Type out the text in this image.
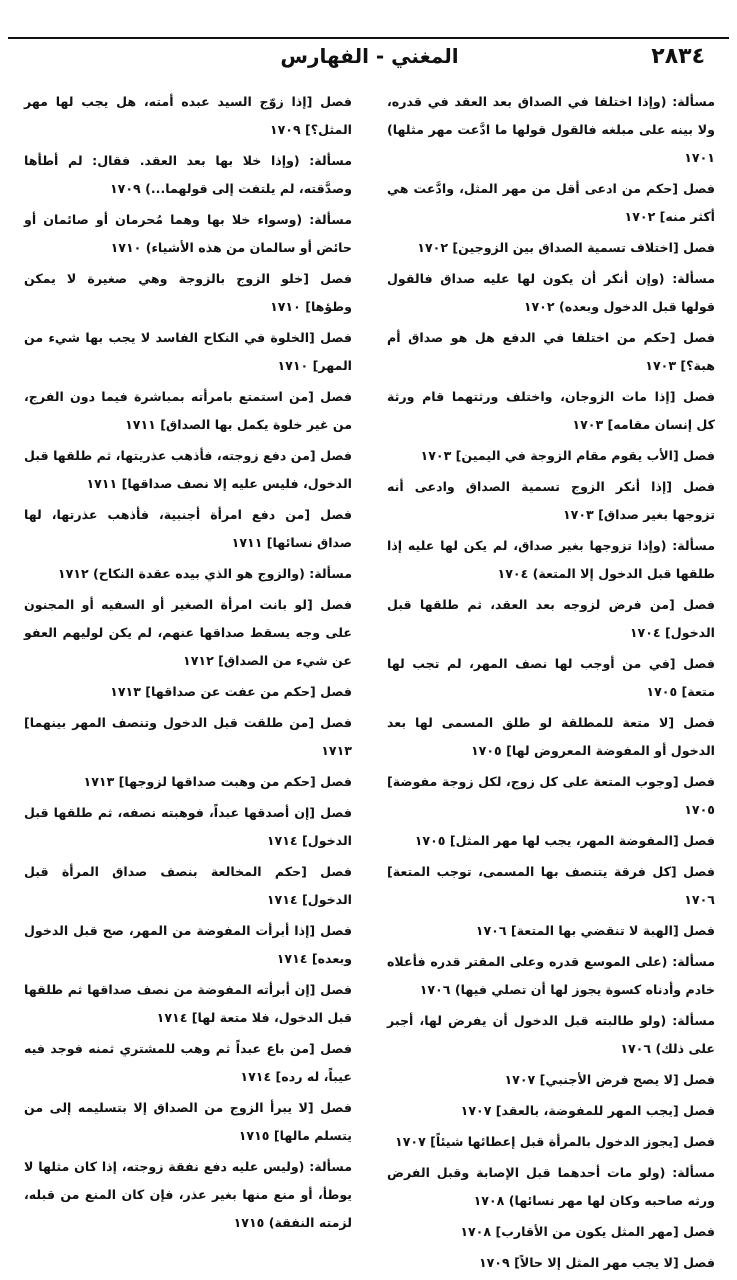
٢٨٣٤
المغني - الفهارس

مسألة: (وإذا اختلفا في الصداق بعد العقد في قدره، ولا بينه على مبلغه فالقول قولها ما ادَّعت مهر مثلها) ١٧٠١

فصل [حكم من ادعى أقل من مهر المثل، وادَّعت هي أكثر منه] ١٧٠٢

فصل [اختلاف تسمية الصداق بين الزوجين] ١٧٠٢

مسألة: (وإن أنكر أن يكون لها عليه صداق فالقول قولها قبل الدخول وبعده) ١٧٠٢

فصل [حكم من اختلفا في الدفع هل هو صداق أم هبة؟] ١٧٠٣

فصل [إذا مات الزوجان، واختلف ورثتهما قام ورثة كل إنسان مقامه] ١٧٠٣

فصل [الأب يقوم مقام الزوجة في اليمين] ١٧٠٣

فصل [إذا أنكر الزوج تسمية الصداق وادعى أنه تزوجها بغير صداق] ١٧٠٣

مسألة: (وإذا تزوجها بغير صداق، لم يكن لها عليه إذا طلقها قبل الدخول إلا المتعة) ١٧٠٤

فصل [من فرض لزوجه بعد العقد، ثم طلقها قبل الدخول] ١٧٠٤

فصل [في من أوجب لها نصف المهر، لم تجب لها متعة] ١٧٠٥

فصل [لا متعة للمطلقة لو طلق المسمى لها بعد الدخول أو المفوضة المعروض لها] ١٧٠٥

فصل [وجوب المتعة على كل زوج، لكل زوجة مفوضة] ١٧٠٥

فصل [المفوضة المهر، يجب لها مهر المثل] ١٧٠٥

فصل [كل فرقة يتنصف بها المسمى، توجب المتعة] ١٧٠٦

فصل [الهبة لا تنقضي بها المتعة] ١٧٠٦

مسألة: (على الموسع قدره وعلى المقتر قدره فأعلاه خادم وأدناه كسوة يجوز لها أن تصلي فيها) ١٧٠٦

مسألة: (ولو طالبته قبل الدخول أن يفرض لها، أجبر على ذلك) ١٧٠٦

فصل [لا يصح فرض الأجنبي] ١٧٠٧

فصل [يجب المهر للمفوضة، بالعقد] ١٧٠٧

فصل [يجوز الدخول بالمرأة قبل إعطائها شيئاً] ١٧٠٧

مسألة: (ولو مات أحدهما قبل الإصابة وقبل الفرض ورثه صاحبه وكان لها مهر نسائها) ١٧٠٨

فصل [مهر المثل يكون من الأقارب] ١٧٠٨

فصل [لا يجب مهر المثل إلا حالاً] ١٧٠٩

فصل [إذا زوّج السيد عبده أمته، هل يجب لها مهر المثل؟] ١٧٠٩

مسألة: (وإذا خلا بها بعد العقد. فقال: لم أطأها وصدَّقته، لم يلتفت إلى قولهما...) ١٧٠٩

مسألة: (وسواء خلا بها وهما مُحرمان أو صائمان أو حائض أو سالمان من هذه الأشياء) ١٧١٠

فصل [خلو الزوج بالزوجة وهي صغيرة لا يمكن وطؤها] ١٧١٠

فصل [الخلوة في النكاح الفاسد لا يجب بها شيء من المهر] ١٧١٠

فصل [من استمتع بامرأته بمباشرة فيما دون الفرج، من غير خلوة يكمل بها الصداق] ١٧١١

فصل [من دفع زوجته، فأذهب عذريتها، ثم طلقها قبل الدخول، فليس عليه إلا نصف صداقها] ١٧١١

فصل [من دفع امرأة أجنبية، فأذهب عذرتها، لها صداق نسائها] ١٧١١

مسألة: (والزوج هو الذي بيده عقدة النكاح) ١٧١٢

فصل [لو بانت امرأة الصغير أو السفيه أو المجنون على وجه يسقط صداقها عنهم، لم يكن لوليهم العفو عن شيء من الصداق] ١٧١٢

فصل [حكم من عفت عن صداقها] ١٧١٣

فصل [من طلقت قبل الدخول وتنصف المهر بينهما] ١٧١٣

فصل [حكم من وهبت صداقها لزوجها] ١٧١٣

فصل [إن أصدقها عبداً، فوهبته نصفه، ثم طلقها قبل الدخول] ١٧١٤

فصل [حكم المخالعة بنصف صداق المرأة قبل الدخول] ١٧١٤

فصل [إذا أبرأت المفوضة من المهر، صح قبل الدخول وبعده] ١٧١٤

فصل [إن أبرأته المفوضة من نصف صداقها ثم طلقها قبل الدخول، فلا متعة لها] ١٧١٤

فصل [من باع عبداً ثم وهب للمشتري ثمنه فوجد فيه عيباً، له رده] ١٧١٤

فصل [لا يبرأ الزوج من الصداق إلا بتسليمه إلى من يتسلم مالها] ١٧١٥

مسألة: (وليس عليه دفع نفقة زوجته، إذا كان مثلها لا يوطأ، أو منع منها بغير عذر، فإن كان المنع من قبله، لزمته النفقة) ١٧١٥
